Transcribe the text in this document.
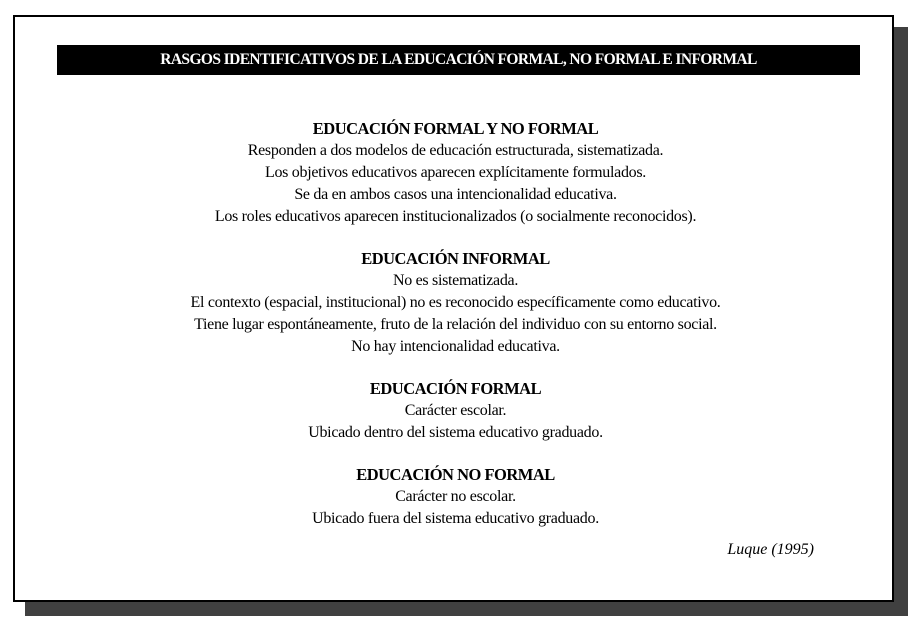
RASGOS IDENTIFICATIVOS DE LA EDUCACIÓN FORMAL, NO FORMAL E INFORMAL
EDUCACIÓN FORMAL Y NO FORMAL
Responden a dos modelos de educación estructurada, sistematizada.
Los objetivos educativos aparecen explícitamente formulados.
Se da en ambos casos una intencionalidad educativa.
Los roles educativos aparecen institucionalizados (o socialmente reconocidos).
EDUCACIÓN INFORMAL
No es sistematizada.
El contexto (espacial, institucional) no es reconocido específicamente como educativo.
Tiene lugar espontáneamente, fruto de la relación del individuo con su entorno social.
No hay intencionalidad educativa.
EDUCACIÓN FORMAL
Carácter escolar.
Ubicado dentro del sistema educativo graduado.
EDUCACIÓN NO FORMAL
Carácter no escolar.
Ubicado fuera del sistema educativo graduado.
Luque (1995)
